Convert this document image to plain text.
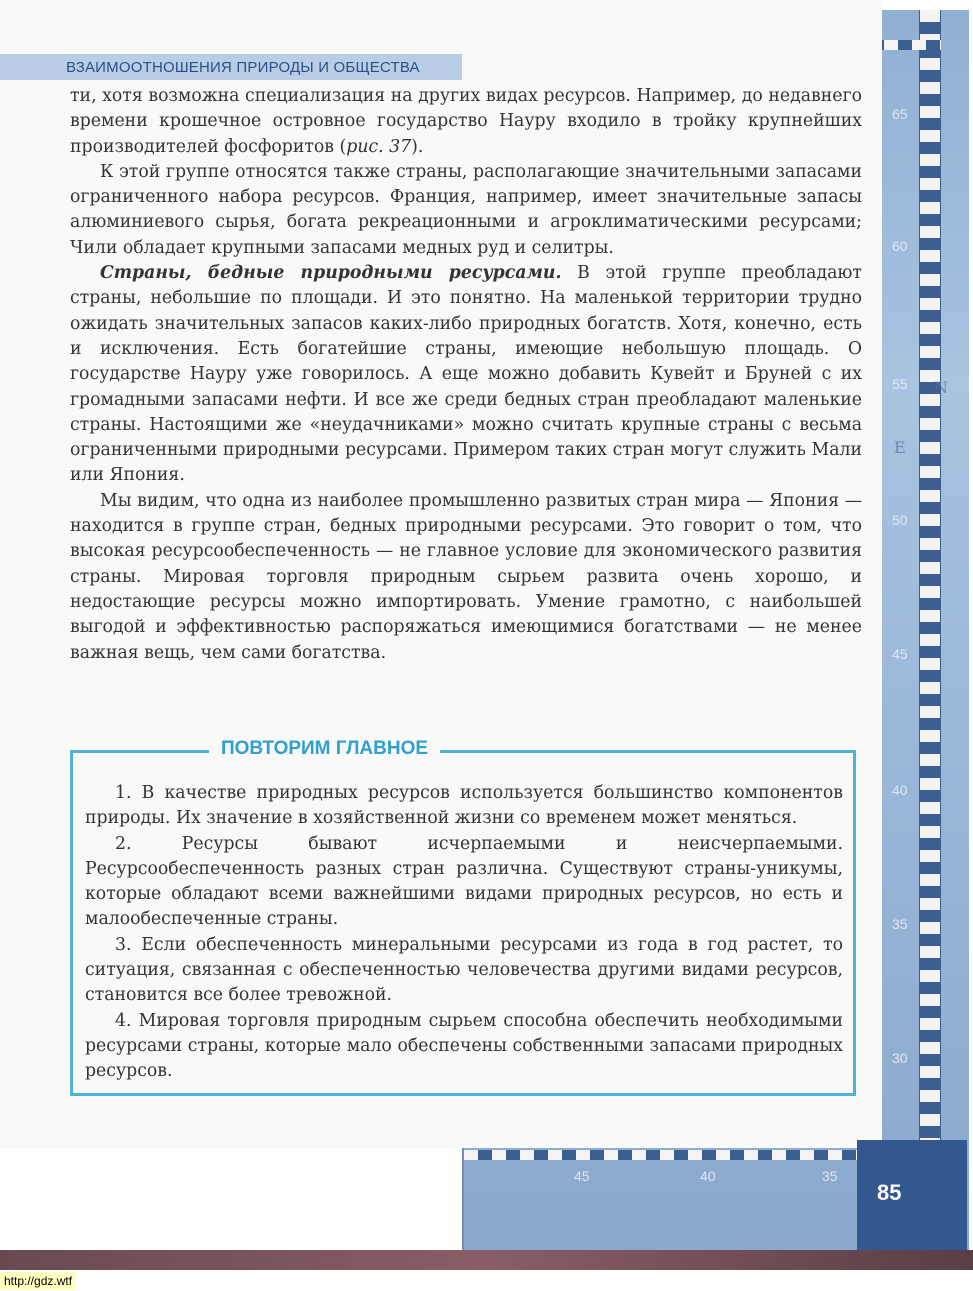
N
E
65
60
55
50
45
40
35
30
45	40	35
ВЗАИМООТНОШЕНИЯ ПРИРОДЫ И ОБЩЕСТВА

ти, хотя возможна специализация на других видах ресурсов. Например, до недавнего времени крошечное островное государство Науру входило в тройку крупнейших производителей фосфоритов (рис. 37).

К этой группе относятся также страны, располагающие значительными запасами ограниченного набора ресурсов. Франция, например, имеет значительные запасы алюминиевого сырья, богата рекреационными и агроклиматическими ресурсами; Чили обладает крупными запасами медных руд и селитры.

Страны, бедные природными ресурсами. В этой группе преобладают страны, небольшие по площади. И это понятно. На маленькой территории трудно ожидать значительных запасов каких-либо природных богатств. Хотя, конечно, есть и исключения. Есть богатейшие страны, имеющие небольшую площадь. О государстве Науру уже говорилось. А еще можно добавить Кувейт и Бруней с их громадными запасами нефти. И все же среди бедных стран преобладают маленькие страны. Настоящими же «неудачниками» можно считать крупные страны с весьма ограниченными природными ресурсами. Примером таких стран могут служить Мали или Япония.

Мы видим, что одна из наиболее промышленно развитых стран мира — Япония — находится в группе стран, бедных природными ресурсами. Это говорит о том, что высокая ресурсообеспеченность — не главное условие для экономического развития страны. Мировая торговля природным сырьем развита очень хорошо, и недостающие ресурсы можно импортировать. Умение грамотно, с наибольшей выгодой и эффективностью распоряжаться имеющимися богатствами — не менее важная вещь, чем сами богатства.

ПОВТОРИМ ГЛАВНОЕ

1. В качестве природных ресурсов используется большинство компонентов природы. Их значение в хозяйственной жизни со временем может меняться.

2. Ресурсы бывают исчерпаемыми и неисчерпаемыми. Ресурсообеспеченность разных стран различна. Существуют страны-уникумы, которые обладают всеми важнейшими видами природных ресурсов, но есть и малообеспеченные страны.

3. Если обеспеченность минеральными ресурсами из года в год растет, то ситуация, связанная с обеспеченностью человечества другими видами ресурсов, становится все более тревожной.

4. Мировая торговля природным сырьем способна обеспечить необходимыми ресурсами страны, которые мало обеспечены собственными запасами природных ресурсов.

85
http://gdz.wtf
